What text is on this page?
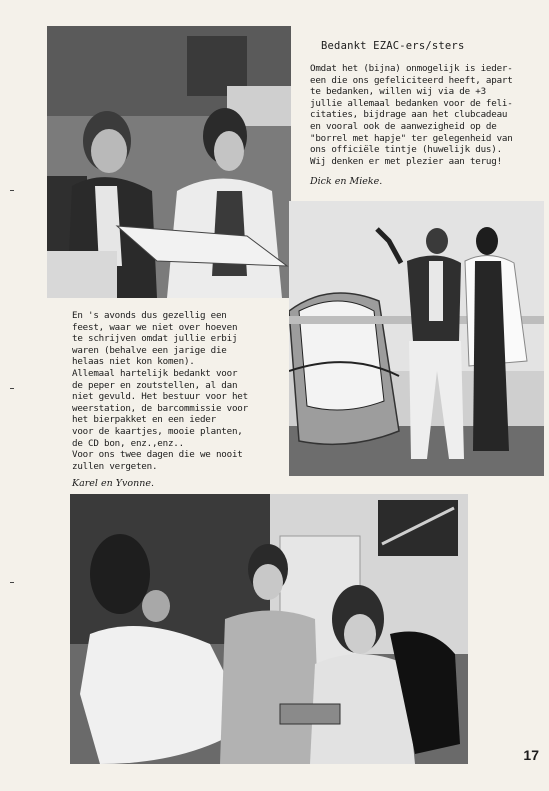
Bedankt EZAC-ers/sters
Omdat het (bijna) onmogelijk is ieder-
een die ons gefeliciteerd heeft, apart
te bedanken, willen wij via de +3
jullie allemaal bedanken voor de feli-
citaties, bijdrage aan het clubcadeau
en vooral ook de aanwezigheid op de
"borrel met hapje" ter gelegenheid van
ons officiële tintje (huwelijk dus).
Wij denken er met plezier aan terug!
Dick en Mieke.
En 's avonds dus gezellig een
feest, waar we niet over hoeven
te schrijven omdat jullie erbij
waren (behalve een jarige die
helaas niet kon komen).
Allemaal hartelijk bedankt voor
de peper en zoutstellen, al dan
niet gevuld. Het bestuur voor het
weerstation, de barcommissie voor
het bierpakket en een ieder
voor de kaartjes, mooie planten,
de CD bon, enz.,enz..
Voor ons twee dagen die we nooit
zullen vergeten.
Karel en Yvonne.
17
